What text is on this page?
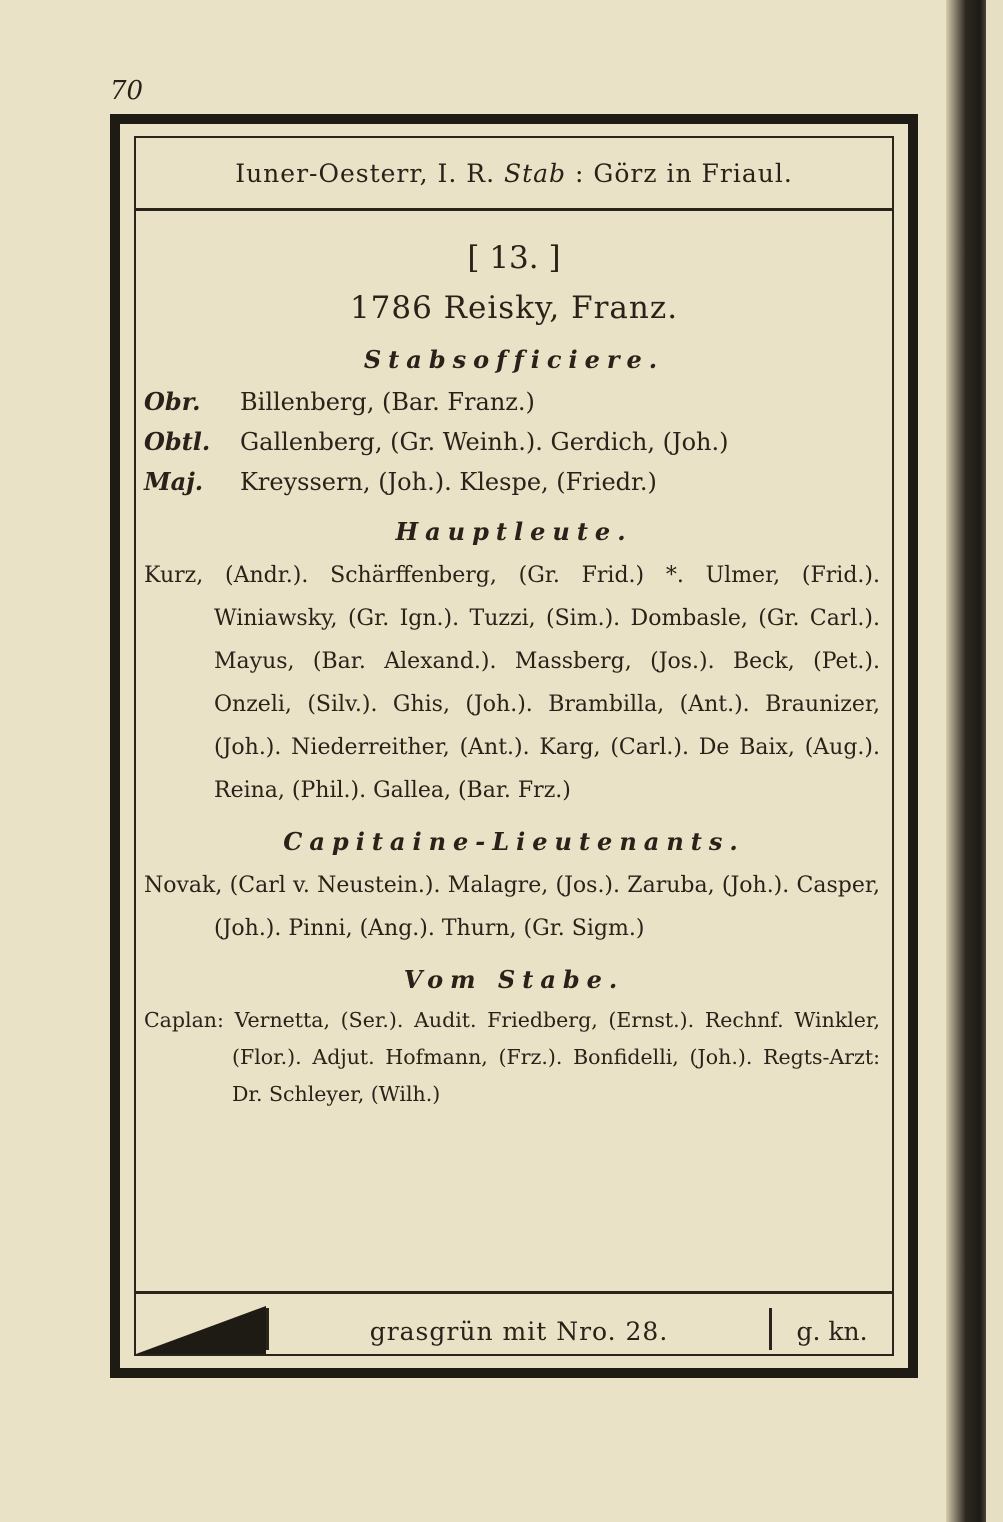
70
Iuner-Oesterr, I. R.
Stab
: Görz in Friaul.
[ 13. ]
1786 Reisky, Franz.
Stabsofficiere.
Obr.	Billenberg, (Bar. Franz.)
Obtl.	Gallenberg, (Gr. Weinh.). Gerdich, (Joh.)
Maj.	Kreyssern, (Joh.). Klespe, (Friedr.)
Hauptleute.
Kurz, (Andr.). Schärffenberg, (Gr. Frid.) *. Ulmer, (Frid.). Winiawsky, (Gr. Ign.). Tuzzi, (Sim.). Dombasle, (Gr. Carl.). Mayus, (Bar. Alexand.). Massberg, (Jos.). Beck, (Pet.). Onzeli, (Silv.). Ghis, (Joh.). Brambilla, (Ant.). Braunizer, (Joh.). Niederreither, (Ant.). Karg, (Carl.). De Baix, (Aug.). Reina, (Phil.). Gallea, (Bar. Frz.)
Capitaine-Lieutenants.
Novak, (Carl v. Neustein.). Malagre, (Jos.). Zaruba, (Joh.). Casper, (Joh.). Pinni, (Ang.). Thurn, (Gr. Sigm.)
Vom Stabe.
Caplan: Vernetta, (Ser.). Audit. Friedberg, (Ernst.). Rechnf. Winkler, (Flor.). Adjut. Hofmann, (Frz.). Bonfidelli, (Joh.). Regts-Arzt: Dr. Schleyer, (Wilh.)
grasgrün mit Nro. 28.	g. kn.
